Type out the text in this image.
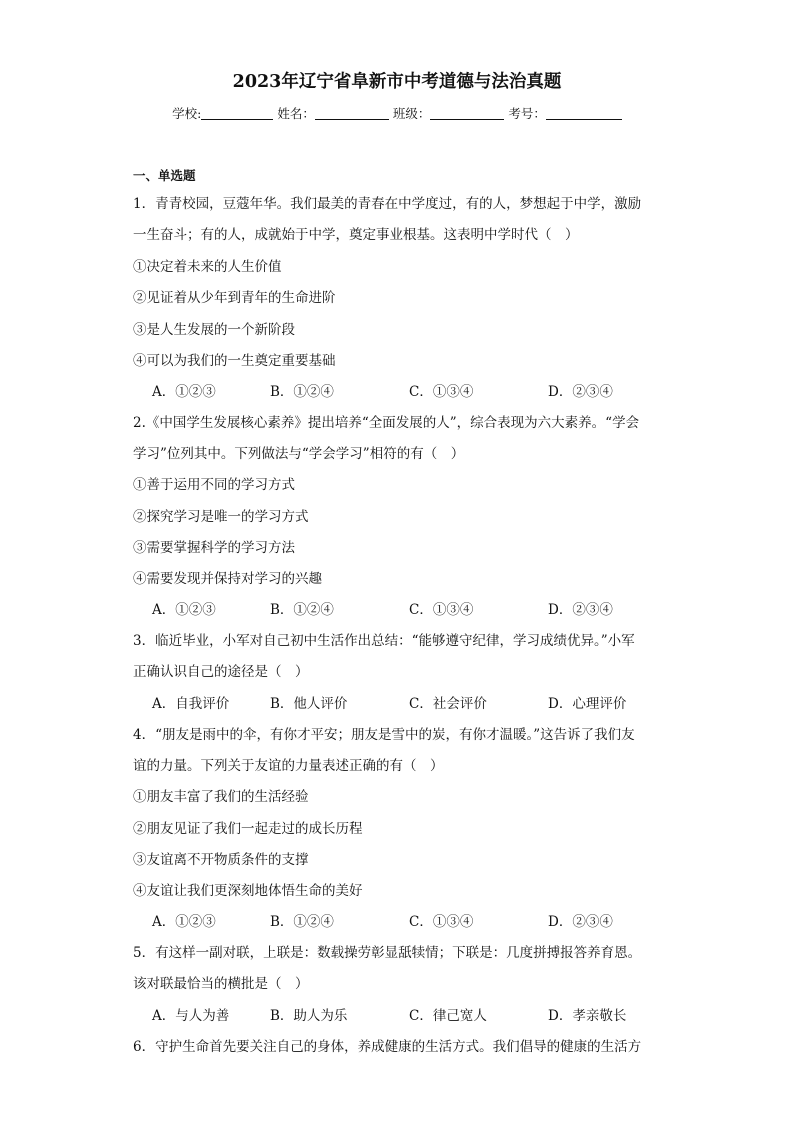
2023年辽宁省阜新市中考道德与法治真题
学校:	姓名：	班级：	考号：
一、单选题
1．青青校园，豆蔻年华。我们最美的青春在中学度过，有的人，梦想起于中学，激励
一生奋斗；有的人，成就始于中学，奠定事业根基。这表明中学时代（　）
①决定着未来的人生价值
②见证着从少年到青年的生命进阶
③是人生发展的一个新阶段
④可以为我们的一生奠定重要基础
A．①②③	B．①②④	C．①③④	D．②③④
2.《中国学生发展核心素养》提出培养“全面发展的人”，综合表现为六大素养。“学会
学习”位列其中。下列做法与“学会学习”相符的有（　）
①善于运用不同的学习方式
②探究学习是唯一的学习方式
③需要掌握科学的学习方法
④需要发现并保持对学习的兴趣
A．①②③	B．①②④	C．①③④	D．②③④
3．临近毕业，小军对自己初中生活作出总结：“能够遵守纪律，学习成绩优异。”小军
正确认识自己的途径是（　）
A．自我评价	B．他人评价	C．社会评价	D．心理评价
4．“朋友是雨中的伞，有你才平安；朋友是雪中的炭，有你才温暖。”这告诉了我们友
谊的力量。下列关于友谊的力量表述正确的有（　）
①朋友丰富了我们的生活经验
②朋友见证了我们一起走过的成长历程
③友谊离不开物质条件的支撑
④友谊让我们更深刻地体悟生命的美好
A．①②③	B．①②④	C．①③④	D．②③④
5．有这样一副对联，上联是：数载操劳彰显舐犊情；下联是：几度拼搏报答养育恩。
该对联最恰当的横批是（　）
A．与人为善	B．助人为乐	C．律己宽人	D．孝亲敬长
6．守护生命首先要关注自己的身体，养成健康的生活方式。我们倡导的健康的生活方
